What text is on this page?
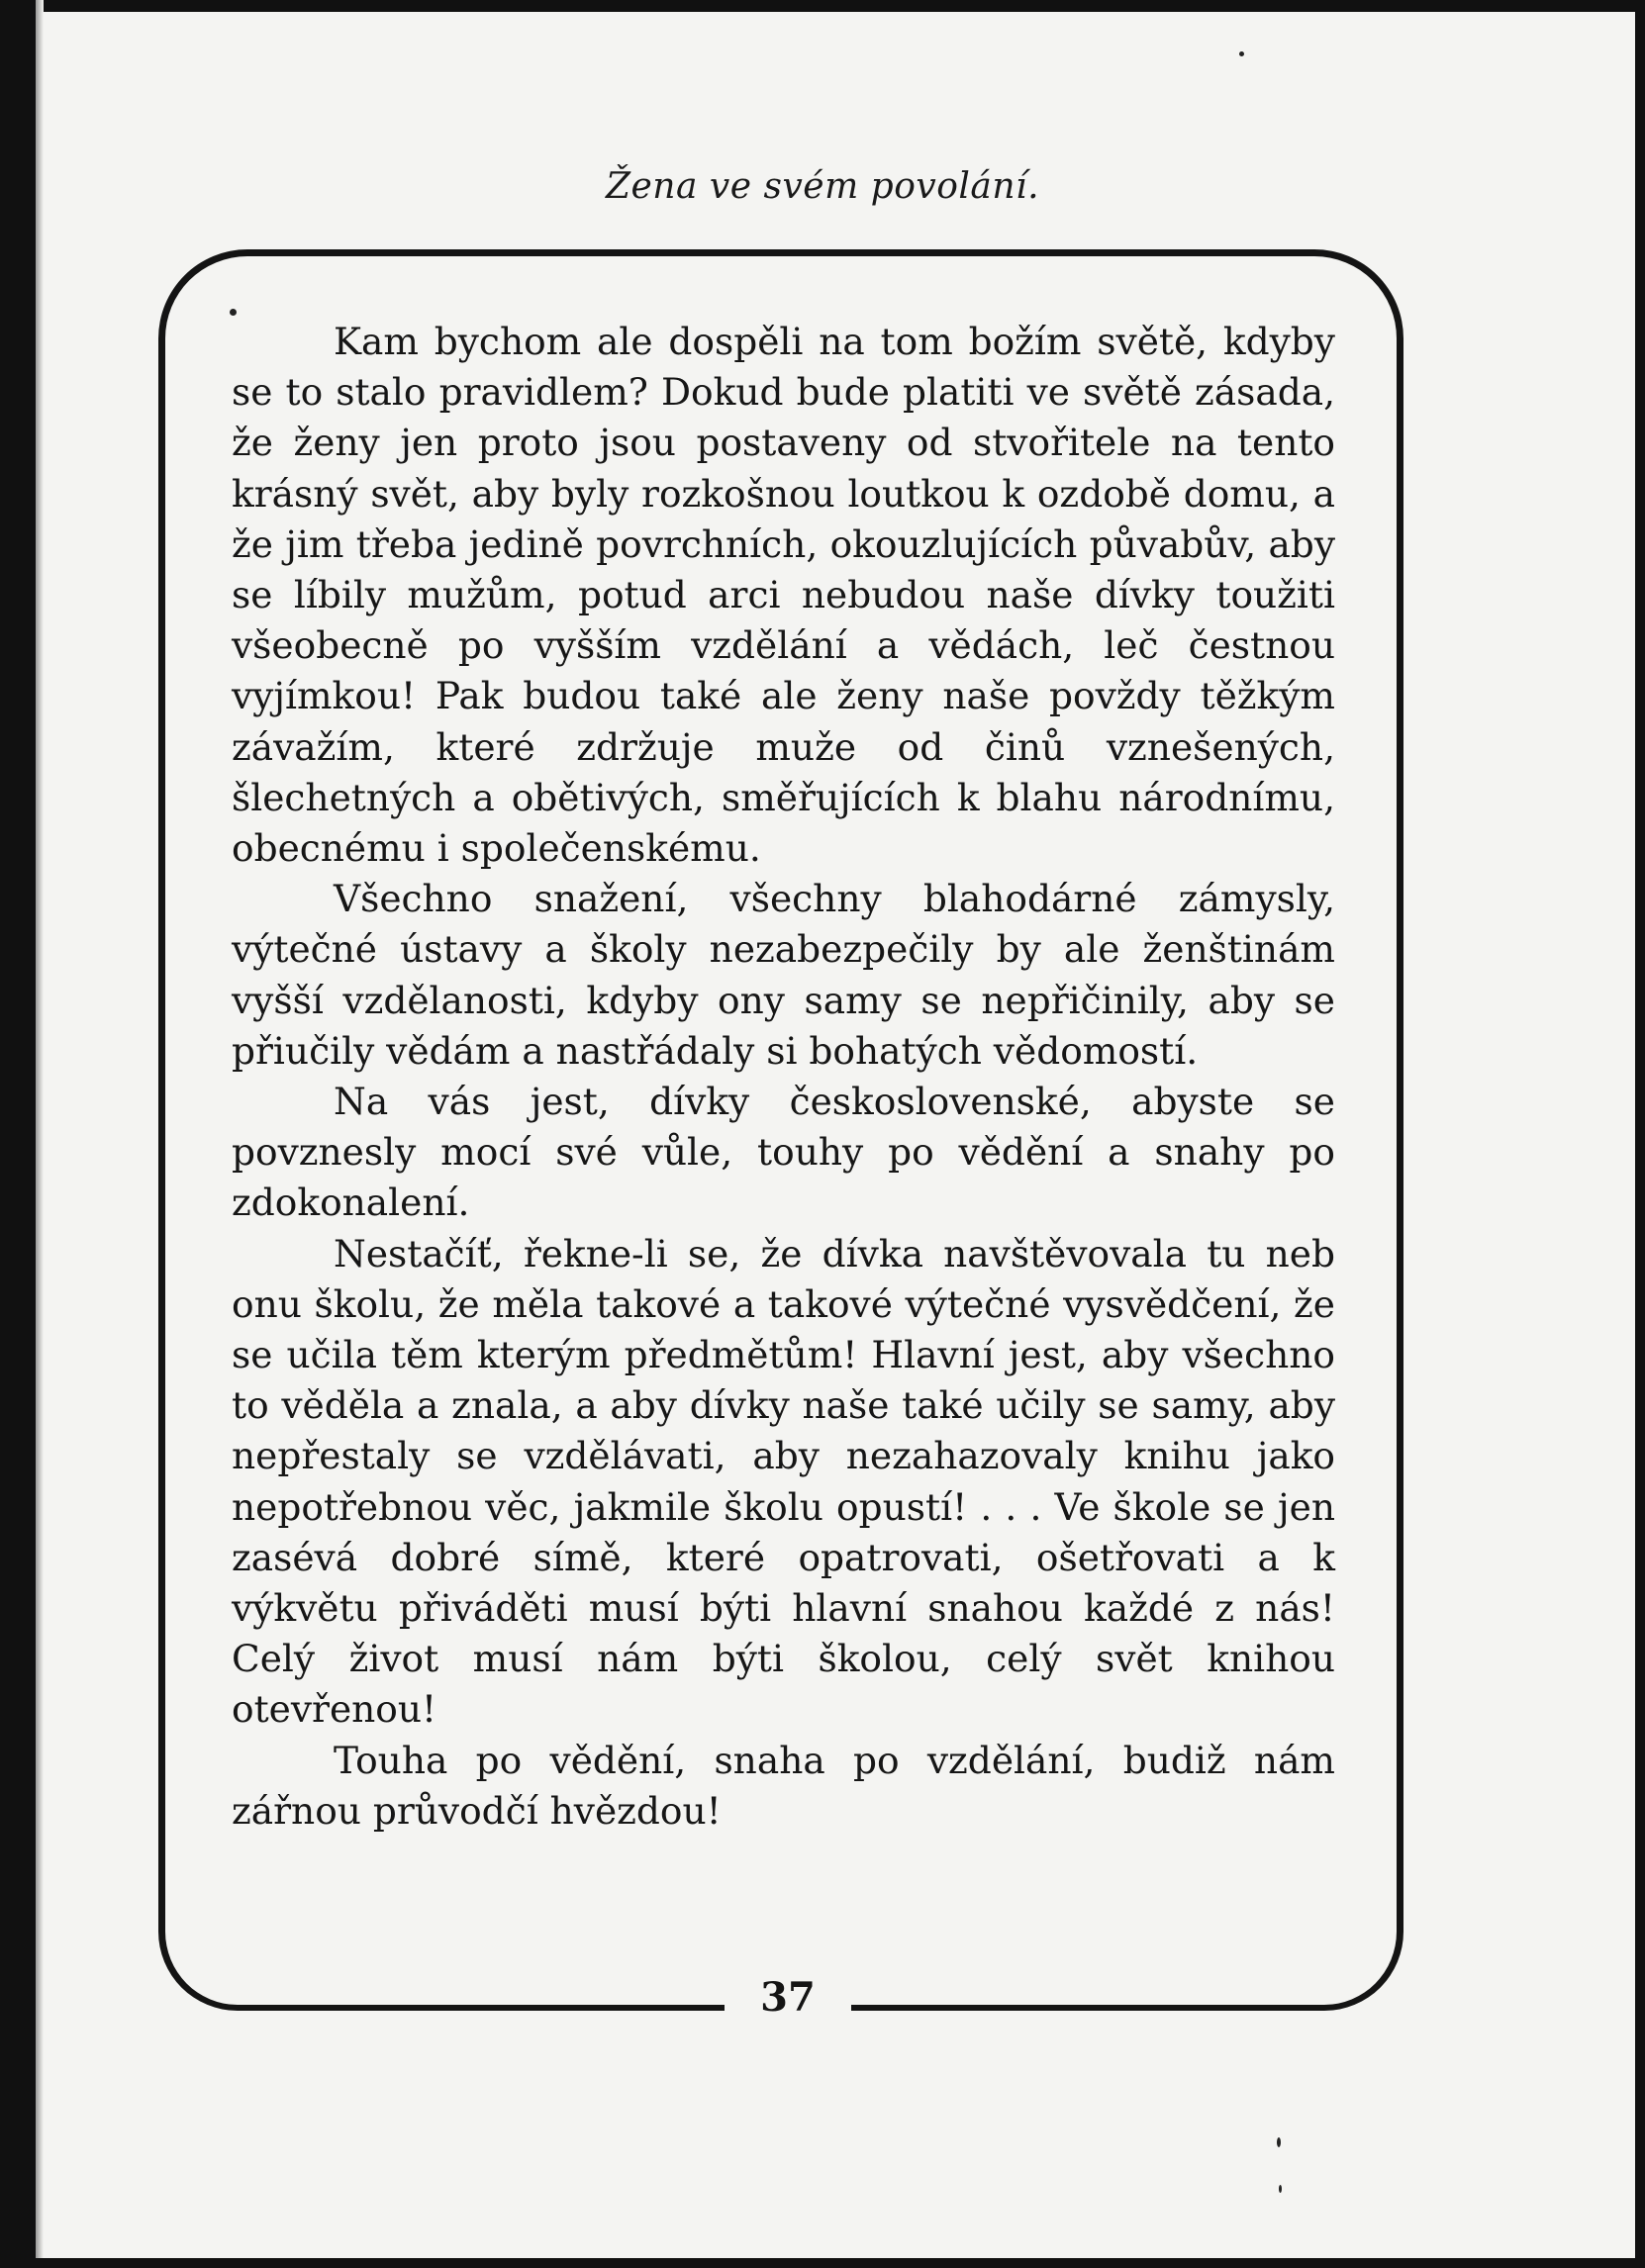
Žena ve svém povolání.

Kam bychom ale dospěli na tom božím světě, kdyby se to stalo pravidlem? Dokud bude platiti ve světě zásada, že ženy jen proto jsou postaveny od stvořitele na tento krásný svět, aby byly rozkošnou loutkou k ozdobě domu, a že jim třeba jedině povrchních, okouzlujících půvabův, aby se líbily mužům, potud arci nebudou naše dívky toužiti všeobecně po vyšším vzdělání a vědách, leč čestnou vyjímkou! Pak budou také ale ženy naše povždy těžkým závažím, které zdržuje muže od činů vznešených, šlechetných a obětivých, směřujících k blahu národnímu, obecnému i společenskému.

Všechno snažení, všechny blahodárné zámysly, výtečné ústavy a školy nezabezpečily by ale ženštinám vyšší vzdělanosti, kdyby ony samy se nepřičinily, aby se přiučily vědám a nastřádaly si bohatých vědomostí.

Na vás jest, dívky československé, abyste se povznesly mocí své vůle, touhy po vědění a snahy po zdokonalení.

Nestačíť, řekne-li se, že dívka navštěvovala tu neb onu školu, že měla takové a takové výtečné vysvědčení, že se učila těm kterým předmětům! Hlavní jest, aby všechno to věděla a znala, a aby dívky naše také učily se samy, aby nepřestaly se vzdělávati, aby nezahazovaly knihu jako nepotřebnou věc, jakmile školu opustí! . . . Ve škole se jen zasévá dobré símě, které opatrovati, ošetřovati a k výkvětu přiváděti musí býti hlavní snahou každé z nás! Celý život musí nám býti školou, celý svět knihou otevřenou!

Touha po vědění, snaha po vzdělání, budiž nám zářnou průvodčí hvězdou!

37
